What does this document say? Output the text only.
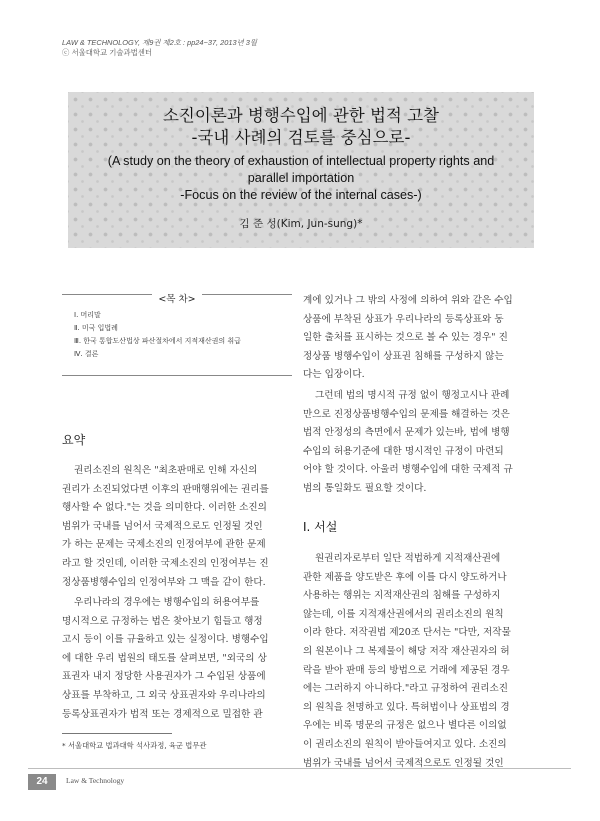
LAW & TECHNOLOGY, 제9권 제2호 : pp24~37, 2013년 3월
ⓒ 서울대학교 기술과법센터
소진이론과 병행수입에 관한 법적 고찰
-국내 사례의 검토를 중심으로-
(A study on the theory of exhaustion of intellectual property rights and
parallel importation
-Focus on the review of the internal cases-)
김 준 성(Kim, Jun-sung)*
<목 차>
Ⅰ. 머리말
Ⅱ. 미국 입법례
Ⅲ. 한국 통합도산법상 파산절차에서 지적재산권의 취급
Ⅳ. 결론
요약
권리소진의 원칙은 "최초판매로 인해 자신의
권리가 소진되었다면 이후의 판매행위에는 권리를
행사할 수 없다."는 것을 의미한다. 이러한 소진의
범위가 국내를 넘어서 국제적으로도 인정될 것인
가 하는 문제는 국제소진의 인정여부에 관한 문제
라고 할 것인데, 이러한 국제소진의 인정여부는 진
정상품병행수입의 인정여부와 그 맥을 같이 한다.
우리나라의 경우에는 병행수입의 허용여부를
명시적으로 규정하는 법은 찾아보기 힘들고 행정
고시 등이 이를 규율하고 있는 실정이다. 병행수입
에 대한 우리 법원의 태도를 살펴보면, "외국의 상
표권자 내지 정당한 사용권자가 그 수입된 상품에
상표를 부착하고, 그 외국 상표권자와 우리나라의
등록상표권자가 법적 또는 경제적으로 밀접한 관
계에 있거나 그 밖의 사정에 의하여 위와 같은 수입
상품에 부착된 상표가 우리나라의 등록상표와 동
일한 출처를 표시하는 것으로 볼 수 있는 경우" 진
정상품 병행수입이 상표권 침해를 구성하지 않는
다는 입장이다.
그런데 법의 명시적 규정 없이 행정고시나 관례
만으로 진정상품병행수입의 문제를 해결하는 것은
법적 안정성의 측면에서 문제가 있는바, 법에 병행
수입의 허용기준에 대한 명시적인 규정이 마련되
어야 할 것이다. 아울러 병행수입에 대한 국제적 규
범의 통일화도 필요할 것이다.
Ⅰ. 서설
원권리자로부터 일단 적법하게 지적재산권에
관한 제품을 양도받은 후에 이를 다시 양도하거나
사용하는 행위는 지적재산권의 침해를 구성하지
않는데, 이를 지적재산권에서의 권리소진의 원칙
이라 한다. 저작권법 제20조 단서는 "다만, 저작물
의 원본이나 그 복제물이 해당 저작 재산권자의 허
락을 받아 판매 등의 방법으로 거래에 제공된 경우
에는 그러하지 아니하다."라고 규정하여 권리소진
의 원칙을 천명하고 있다. 특허법이나 상표법의 경
우에는 비록 명문의 규정은 없으나 별다른 이의없
이 권리소진의 원칙이 받아들여지고 있다. 소진의
범위가 국내를 넘어서 국제적으로도 인정될 것인
* 서울대학교 법과대학 석사과정, 육군 법무관
24	Law & Technology
